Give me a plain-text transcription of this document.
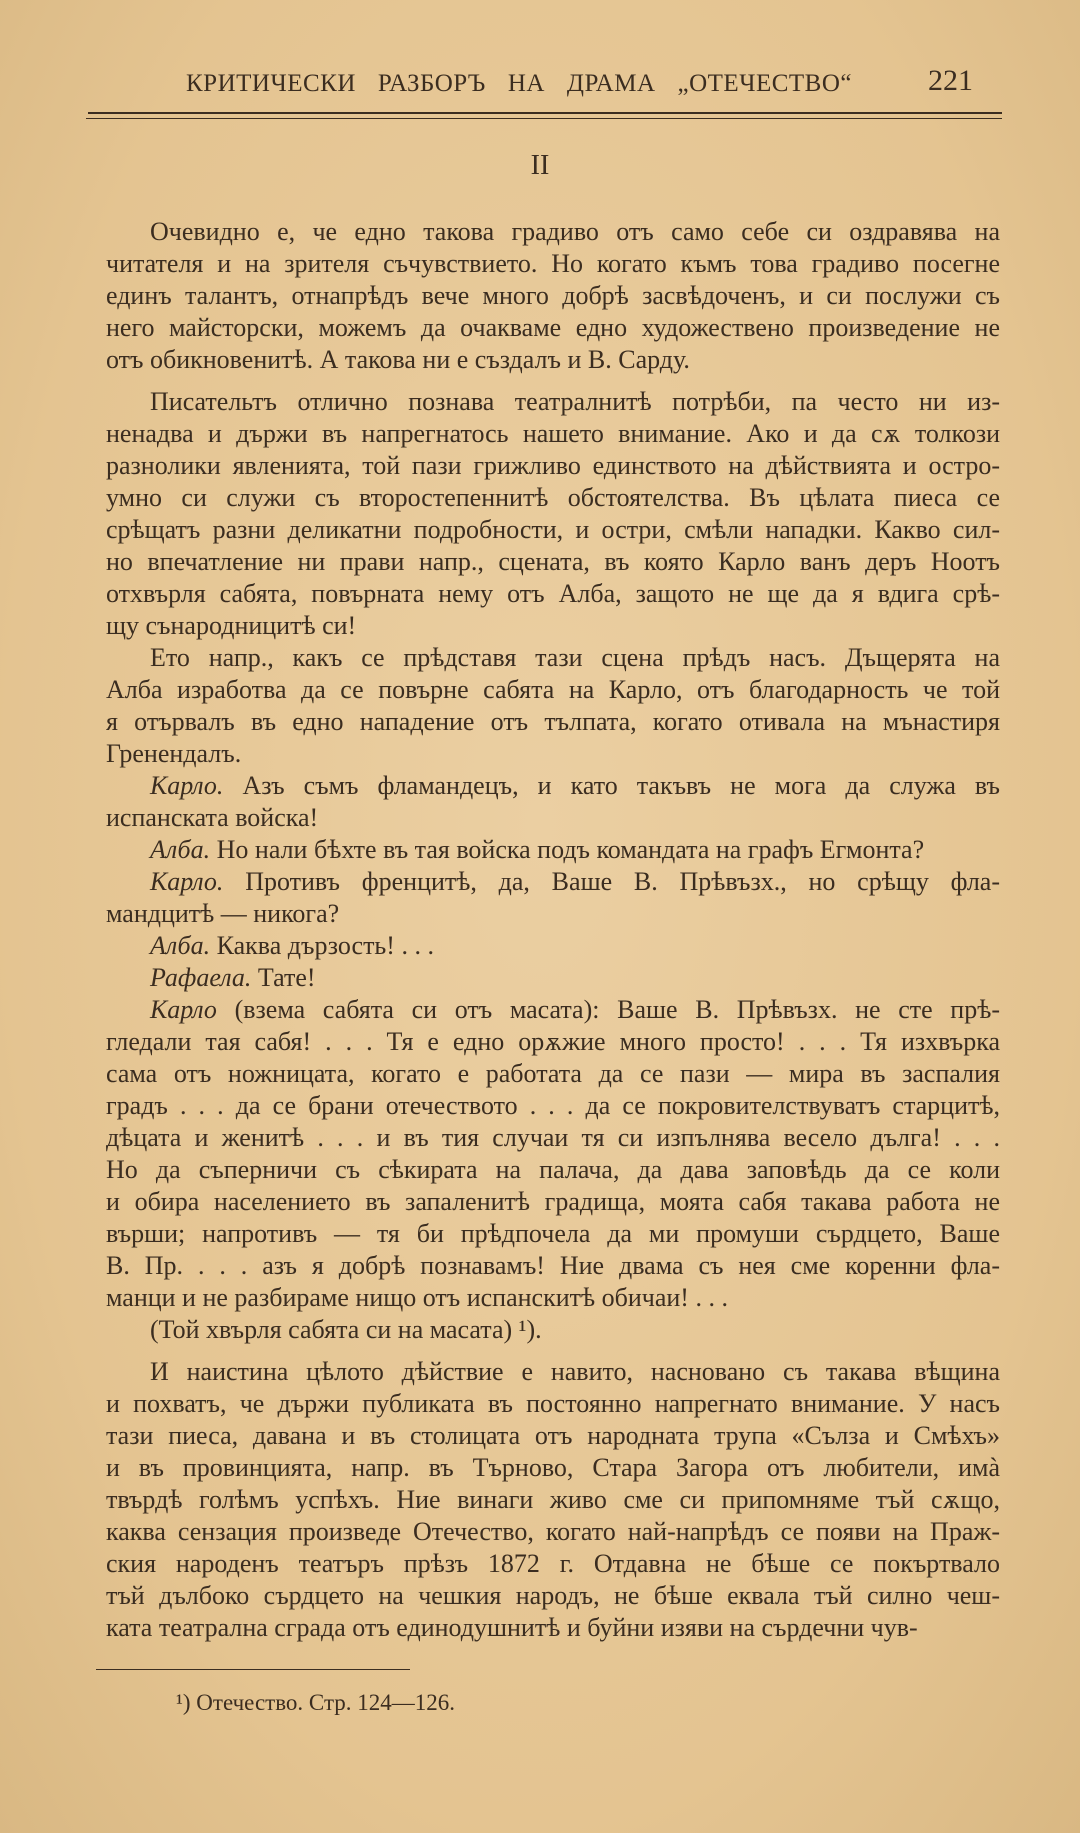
КРИТИЧЕСКИ РАЗБОРЪ НА ДРАМА „ОТЕЧЕСТВО“	221
II
Очевидно е, че едно такова градиво отъ само себе си оздравява на
читателя и на зрителя съчувствието. Но когато къмъ това градиво посегне
единъ талантъ, отнапрѣдъ вече много добрѣ засвѣдоченъ, и си послужи съ
него майсторски, можемъ да очакваме едно художествено произведение не
отъ обикновенитѣ. А такова ни е създалъ и В. Сарду.
Писательтъ отлично познава театралнитѣ потрѣби, па често ни из-
ненадва и държи въ напрегнатось нашето внимание. Ако и да сѫ толкози
разнолики явленията, той пази грижливо единството на дѣйствията и остро-
умно си служи съ второстепеннитѣ обстоятелства. Въ цѣлата пиеса се
срѣщатъ разни деликатни подробности, и остри, смѣли нападки. Какво сил-
но впечатление ни прави напр., сцената, въ която Карло ванъ деръ Ноотъ
отхвърля сабята, повърната нему отъ Алба, защото не ще да я вдига срѣ-
щу сънародницитѣ си!
Ето напр., какъ се прѣдставя тази сцена прѣдъ насъ. Дъщерята на
Алба изработва да се повърне сабята на Карло, отъ благодарность че той
я отървалъ въ едно нападение отъ тълпата, когато отивала на мънастиря
Гренендалъ.
Карло. Азъ съмъ фламандецъ, и като такъвъ не мога да служа въ
испанската войска!
Алба. Но нали бѣхте въ тая войска подъ командата на графъ Егмонта?
Карло. Противъ френцитѣ, да, Ваше В. Прѣвъзх., но срѣщу фла-
мандцитѣ — никога?
Алба. Каква дързость! . . .
Рафаела. Тате!
Карло (взема сабята си отъ масата): Ваше В. Прѣвъзх. не сте прѣ-
гледали тая сабя! . . . Тя е едно орѫжие много просто! . . . Тя изхвърка
сама отъ ножницата, когато е работата да се пази — мира въ заспалия
градъ . . . да се брани отечеството . . . да се покровителствуватъ старцитѣ,
дѣцата и женитѣ . . . и въ тия случаи тя си изпълнява весело дълга! . . .
Но да съперничи съ сѣкирата на палача, да дава заповѣдь да се коли
и обира населението въ запаленитѣ градища, моята сабя такава работа не
върши; напротивъ — тя би прѣдпочела да ми промуши сърдцето, Ваше
В. Пр. . . . азъ я добрѣ познавамъ! Ние двама съ нея сме коренни фла-
манци и не разбираме нищо отъ испанскитѣ обичаи! . . .
(Той хвърля сабята си на масата) ¹).
И наистина цѣлото дѣйствие е навито, насновано съ такава вѣщина
и похватъ, че държи публиката въ постоянно напрегнато внимание. У насъ
тази пиеса, давана и въ столицата отъ народната трупа «Сълза и Смѣхъ»
и въ провинцията, напр. въ Търново, Стара Загора отъ любители, имà
твърдѣ голѣмъ успѣхъ. Ние винаги живо сме си припомняме тъй сѫщо,
каква сензация произведе Отечество, когато най-напрѣдъ се появи на Праж-
ския народенъ театъръ прѣзъ 1872 г. Отдавна не бѣше се покъртвало
тъй дълбоко сърдцето на чешкия народъ, не бѣше еквала тъй силно чеш-
ката театрална сграда отъ единодушнитѣ и буйни изяви на сърдечни чув-
¹) Отечество. Стр. 124—126.
